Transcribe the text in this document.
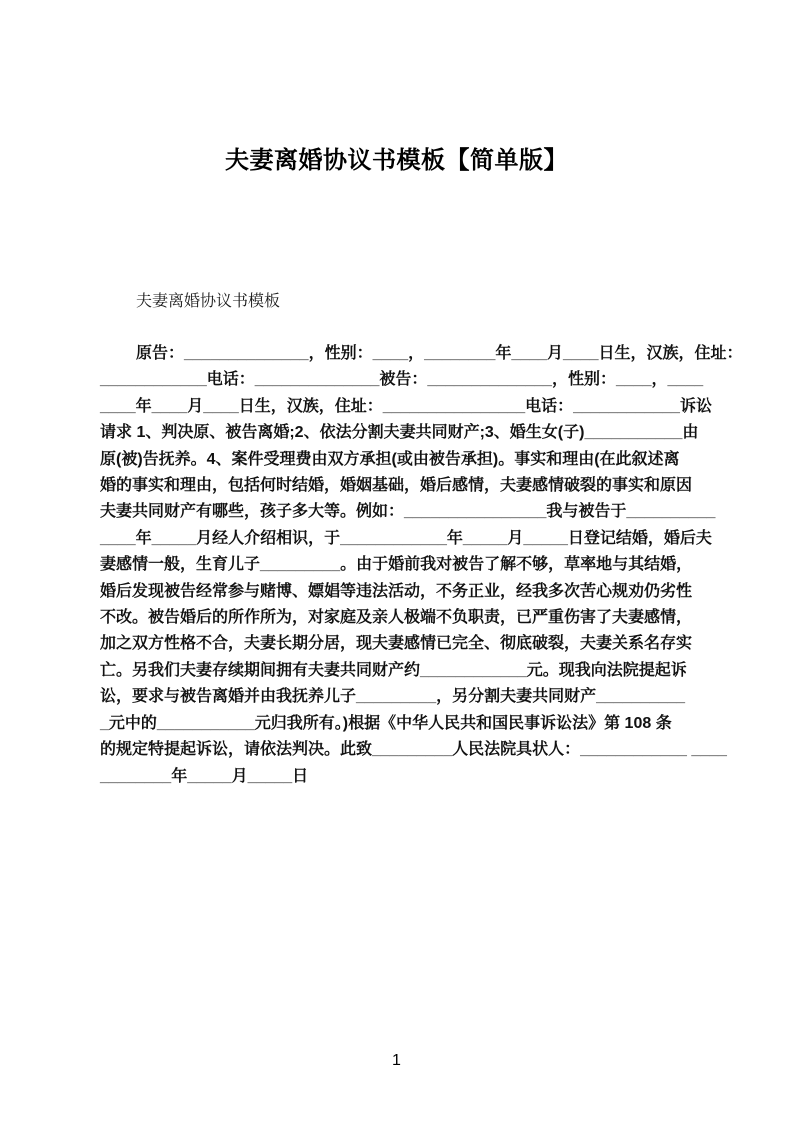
夫妻离婚协议书模板【简单版】

夫妻离婚协议书模板

原告：______________，性别：____，________年____月____日生，汉族，住址：
____________电话：______________被告：______________，性别：____，____
____年____月____日生，汉族，住址：________________电话：____________诉讼
请求 1、判决原、被告离婚;2、依法分割夫妻共同财产;3、婚生女(子)___________由
原(被)告抚养。4、案件受理费由双方承担(或由被告承担)。事实和理由(在此叙述离
婚的事实和理由，包括何时结婚，婚姻基础，婚后感情，夫妻感情破裂的事实和原因
夫妻共同财产有哪些，孩子多大等。例如：________________我与被告于__________
____年_____月经人介绍相识，于____________年_____月_____日登记结婚，婚后夫
妻感情一般，生育儿子_________。由于婚前我对被告了解不够，草率地与其结婚，
婚后发现被告经常参与赌博、嫖娼等违法活动，不务正业，经我多次苦心规劝仍劣性
不改。被告婚后的所作所为，对家庭及亲人极端不负职责，已严重伤害了夫妻感情，
加之双方性格不合，夫妻长期分居，现夫妻感情已完全、彻底破裂，夫妻关系名存实
亡。另我们夫妻存续期间拥有夫妻共同财产约____________元。现我向法院提起诉
讼，要求与被告离婚并由我抚养儿子_________，另分割夫妻共同财产__________
_元中的___________元归我所有。)根据《中华人民共和国民事诉讼法》第 108 条
的规定特提起诉讼，请依法判决。此致_________人民法院具状人：____________ ____
________年_____月_____日
1
